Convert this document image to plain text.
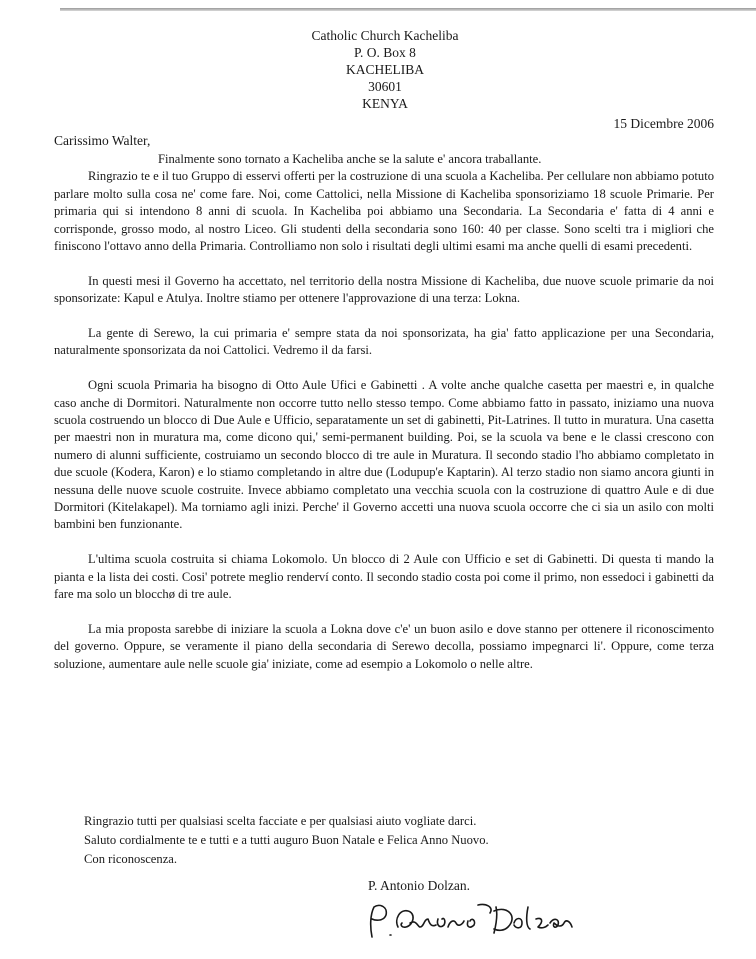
Catholic Church Kacheliba
P. O. Box 8
KACHELIBA
30601
KENYA
15 Dicembre 2006
Carissimo Walter,

Finalmente sono tornato a Kacheliba anche se la salute e' ancora traballante.

Ringrazio te e il tuo Gruppo di esservi offerti per la costruzione di una scuola a Kacheliba. Per cellulare non abbiamo potuto parlare molto sulla cosa ne' come fare. Noi, come Cattolici, nella Missione di Kacheliba sponsoriziamo 18 scuole Primarie. Per primaria qui si intendono 8 anni di scuola. In Kacheliba poi abbiamo una Secondaria. La Secondaria e' fatta di 4 anni e corrisponde, grosso modo, al nostro Liceo. Gli studenti della secondaria sono 160: 40 per classe. Sono scelti tra i migliori che finiscono l'ottavo anno della Primaria. Controlliamo non solo i risultati degli ultimi esami ma anche quelli di esami precedenti.

In questi mesi il Governo ha accettato, nel territorio della nostra Missione di Kacheliba, due nuove scuole primarie da noi sponsorizate: Kapul e Atulya. Inoltre stiamo per ottenere l'approvazione di una terza: Lokna.

La gente di Serewo, la cui primaria e' sempre stata da noi sponsorizata, ha gia' fatto applicazione per una Secondaria, naturalmente sponsorizata da noi Cattolici. Vedremo il da farsi.

Ogni scuola Primaria ha bisogno di Otto Aule Ufici e Gabinetti . A volte anche qualche casetta per maestri e, in qualche caso anche di Dormitori. Naturalmente non occorre tutto nello stesso tempo. Come abbiamo fatto in passato, iniziamo una nuova scuola costruendo un blocco di Due Aule e Ufficio, separatamente un set di gabinetti, Pit-Latrines. Il tutto in muratura. Una casetta per maestri non in muratura ma, come dicono qui,' semi-permanent building. Poi, se la scuola va bene e le classi crescono con numero di alunni sufficiente, costruiamo un secondo blocco di tre aule in Muratura. Il secondo stadio l'ho abbiamo completato in due scuole (Kodera, Karon) e lo stiamo completando in altre due (Lodupup'e Kaptarin). Al terzo stadio non siamo ancora giunti in nessuna delle nuove scuole costruite. Invece abbiamo completato una vecchia scuola con la costruzione di quattro Aule e di due Dormitori (Kitelakapel). Ma torniamo agli inizi. Perche' il Governo accetti una nuova scuola occorre che ci sia un asilo con molti bambini ben funzionante.

L'ultima scuola costruita si chiama Lokomolo. Un blocco di 2 Aule con Ufficio e set di Gabinetti. Di questa ti mando la pianta e la lista dei costi. Cosi' potrete meglio renderví conto. Il secondo stadio costa poi come il primo, non essedoci i gabinetti da fare ma solo un blocchø di tre aule.

La mia proposta sarebbe di iniziare la scuola a Lokna dove c'e' un buon asilo e dove stanno per ottenere il riconoscimento del governo. Oppure, se veramente il piano della secondaria di Serewo decolla, possiamo impegnarci li'. Oppure, come terza soluzione, aumentare aule nelle scuole gia' iniziate, come ad esempio a Lokomolo o nelle altre.

Ringrazio tutti per qualsiasi scelta facciate e per qualsiasi aiuto vogliate darci.
Saluto cordialmente te e tutti e a tutti auguro Buon Natale e Felica Anno Nuovo.
Con riconoscenza.
P. Antonio Dolzan.
